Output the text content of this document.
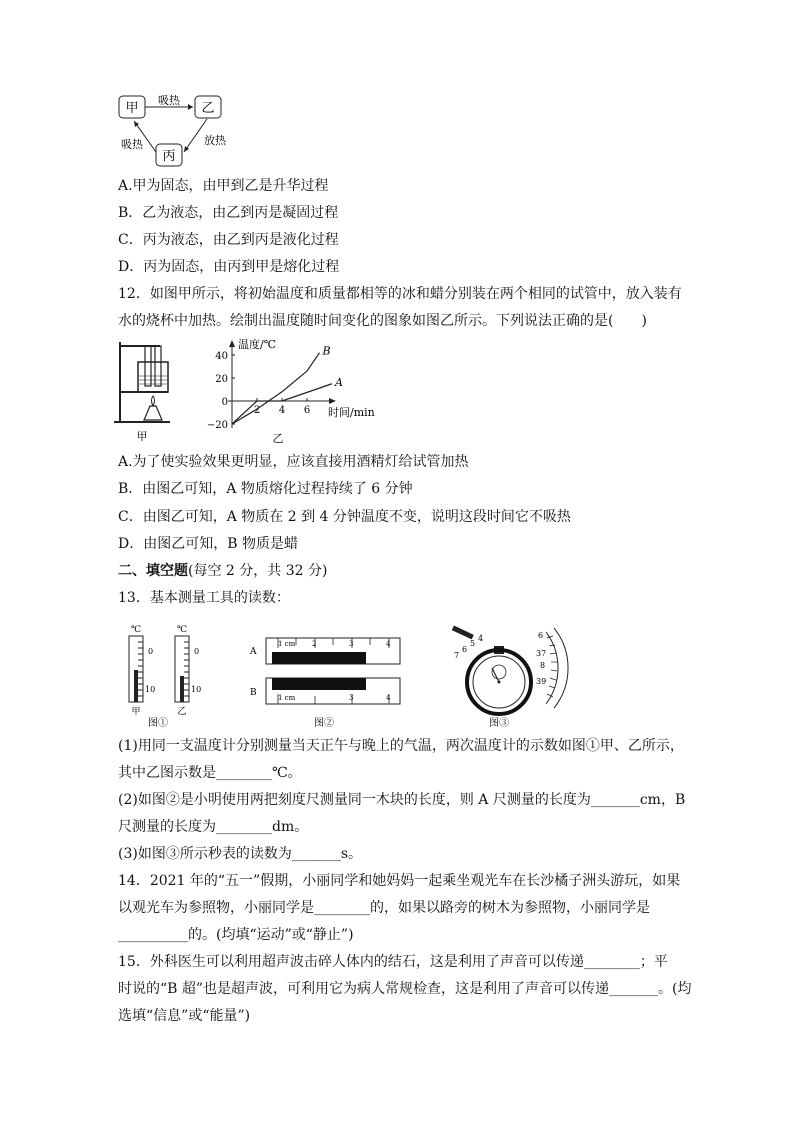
甲	乙
丙
吸热
放热
吸热
A.甲为固态，由甲到乙是升华过程
B．乙为液态，由乙到丙是凝固过程
C．丙为液态，由乙到丙是液化过程
D．丙为固态，由丙到甲是熔化过程
12．如图甲所示，将初始温度和质量都相等的冰和蜡分别装在两个相同的试管中，放入装有
水的烧杯中加热。绘制出温度随时间变化的图象如图乙所示。下列说法正确的是(　　)
甲
温度/℃
时间/min
40
20
0
−20
2 4 6
A
B
乙
A.为了使实验效果更明显，应该直接用酒精灯给试管加热
B．由图乙可知，A 物质熔化过程持续了 6 分钟
C．由图乙可知，A 物质在 2 到 4 分钟温度不变，说明这段时间它不吸热
D．由图乙可知，B 物质是蜡
二、填空题(每空 2 分，共 32 分)
13．基本测量工具的读数：
℃	℃
0
10
甲
0
10
乙
图①
A
1 cm 2	3	4
B	1 cm	3	4
图②
6
37
8
39
7
6
5
4
图③
(1)用同一支温度计分别测量当天正午与晚上的气温，两次温度计的示数如图①甲、乙所示，
其中乙图示数是________℃。
(2)如图②是小明使用两把刻度尺测量同一木块的长度，则 A 尺测量的长度为_______cm，B
尺测量的长度为________dm。
(3)如图③所示秒表的读数为_______s。
14．2021 年的“五一”假期，小丽同学和她妈妈一起乘坐观光车在长沙橘子洲头游玩，如果
以观光车为参照物，小丽同学是________的，如果以路旁的树木为参照物，小丽同学是
__________的。(均填“运动”或“静止”)
15．外科医生可以利用超声波击碎人体内的结石，这是利用了声音可以传递________；平
时说的“B 超”也是超声波，可利用它为病人常规检查，这是利用了声音可以传递_______。(均
选填“信息”或“能量”)
